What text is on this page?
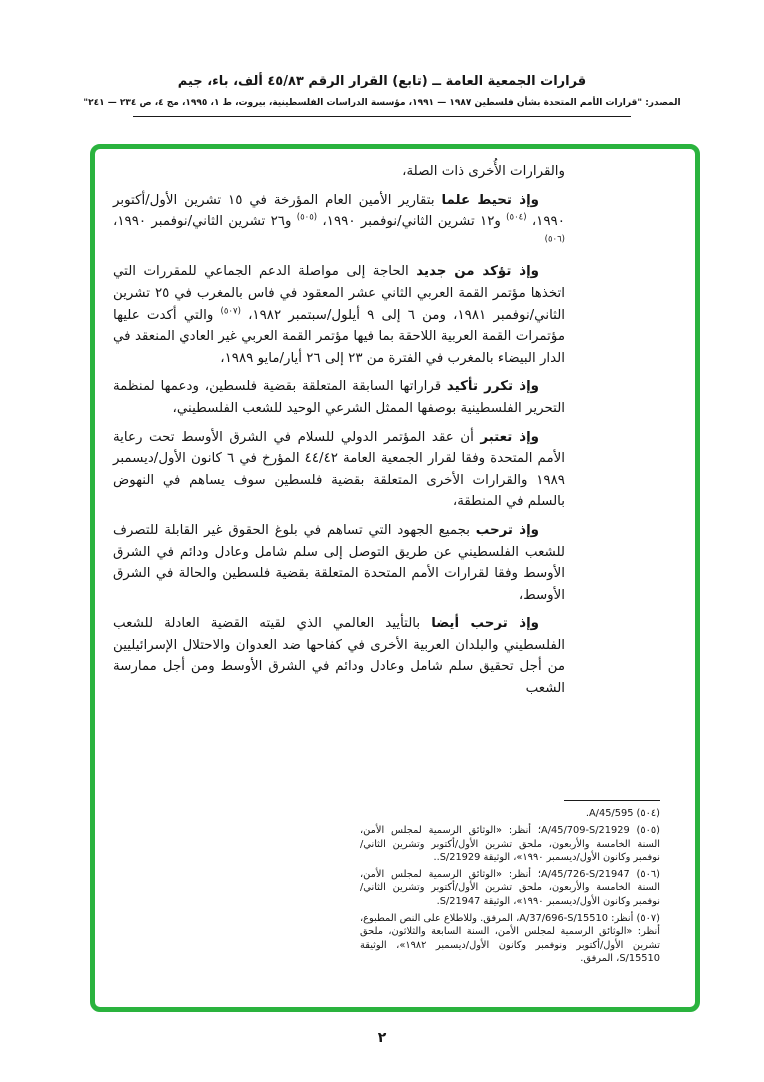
قرارات الجمعية العامة ــ (تابع) القرار الرقم ٤٥/٨٣ ألف، باء، جيم
المصدر: "قرارات الأمم المتحدة بشأن فلسطين ١٩٨٧ — ١٩٩١، مؤسسة الدراسات الفلسطينية، بيروت، ط ١، ١٩٩٥، مج ٤، ص ٢٣٤ — ٢٤١"

والقرارات الأُخرى ذات الصلة،

وإذ تحيط علما بتقارير الأمين العام المؤرخة في ١٥ تشرين الأول/أكتوبر ١٩٩٠، $^{(٥٠٤)}$ و١٢ تشرين الثاني/نوفمبر ١٩٩٠، $^{(٥٠٥)}$ و٢٦ تشرين الثاني/نوفمبر ١٩٩٠، $^{(٥٠٦)}$

وإذ تؤكد من جديد الحاجة إلى مواصلة الدعم الجماعي للمقررات التي اتخذها مؤتمر القمة العربي الثاني عشر المعقود في فاس بالمغرب في ٢٥ تشرين الثاني/نوفمبر ١٩٨١، ومن ٦ إلى ٩ أيلول/سبتمبر ١٩٨٢، $^{(٥٠٧)}$ والتي أكدت عليها مؤتمرات القمة العربية اللاحقة بما فيها مؤتمر القمة العربي غير العادي المنعقد في الدار البيضاء بالمغرب في الفترة من ٢٣ إلى ٢٦ أيار/مايو ١٩٨٩،

وإذ تكرر تأكيد قراراتها السابقة المتعلقة بقضية فلسطين، ودعمها لمنظمة التحرير الفلسطينية بوصفها الممثل الشرعي الوحيد للشعب الفلسطيني،

وإذ تعتبر أن عقد المؤتمر الدولي للسلام في الشرق الأوسط تحت رعاية الأمم المتحدة وفقا لقرار الجمعية العامة ٤٤/٤٢ المؤرخ في ٦ كانون الأول/ديسمبر ١٩٨٩ والقرارات الأخرى المتعلقة بقضية فلسطين سوف يساهم في النهوض بالسلم في المنطقة،

وإذ ترحب بجميع الجهود التي تساهم في بلوغ الحقوق غير القابلة للتصرف للشعب الفلسطيني عن طريق التوصل إلى سلم شامل وعادل ودائم في الشرق الأوسط وفقا لقرارات الأمم المتحدة المتعلقة بقضية فلسطين والحالة في الشرق الأوسط،

وإذ ترحب أيضا بالتأييد العالمي الذي لقيته القضية العادلة للشعب الفلسطيني والبلدان العربية الأخرى في كفاحها ضد العدوان والاحتلال الإسرائيليين من أجل تحقيق سلم شامل وعادل ودائم في الشرق الأوسط ومن أجل ممارسة الشعب

(٥٠٤) A/45/595.
(٥٠٥) A/45/709-S/21929؛ أنظر: «الوثائق الرسمية لمجلس الأمن، السنة الخامسة والأربعون، ملحق تشرين الأول/أكتوبر وتشرين الثاني/نوفمبر وكانون الأول/ديسمبر ١٩٩٠»، الوثيقة S/21929..
(٥٠٦) A/45/726-S/21947؛ أنظر: «الوثائق الرسمية لمجلس الأمن، السنة الخامسة والأربعون، ملحق تشرين الأول/أكتوبر وتشرين الثاني/نوفمبر وكانون الأول/ديسمبر ١٩٩٠»، الوثيقة S/21947.
(٥٠٧) أنظر: A/37/696-S/15510، المرفق. وللاطلاع على النص المطبوع، أنظر: «الوثائق الرسمية لمجلس الأمن، السنة السابعة والثلاثون، ملحق تشرين الأول/أكتوبر ونوفمبر وكانون الأول/ديسمبر ١٩٨٢»، الوثيقة S/15510، المرفق.
٢
